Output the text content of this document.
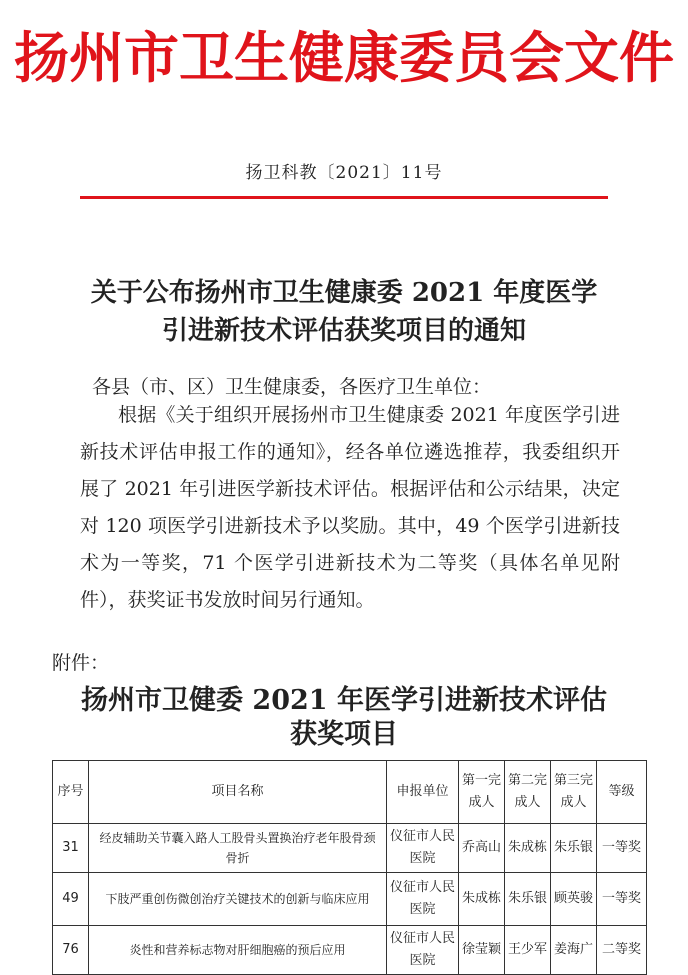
扬州市卫生健康委员会文件
扬卫科教〔2021〕11号
关于公布扬州市卫生健康委 2021 年度医学
引进新技术评估获奖项目的通知
各县（市、区）卫生健康委，各医疗卫生单位：
根据《关于组织开展扬州市卫生健康委 2021 年度医学引进新技术评估申报工作的通知》，经各单位遴选推荐，我委组织开展了 2021 年引进医学新技术评估。根据评估和公示结果，决定对 120 项医学引进新技术予以奖励。其中，49 个医学引进新技术为一等奖，71 个医学引进新技术为二等奖（具体名单见附件），获奖证书发放时间另行通知。
附件：
扬州市卫健委 2021 年医学引进新技术评估
获奖项目
序号	项目名称	申报单位	第一完成人	第二完成人	第三完成人	等级
31	经皮辅助关节囊入路人工股骨头置换治疗老年股骨颈骨折	仪征市人民医院	乔高山	朱成栋	朱乐银	一等奖
49	下肢严重创伤微创治疗关键技术的创新与临床应用	仪征市人民医院	朱成栋	朱乐银	顾英骏	一等奖
76	炎性和营养标志物对肝细胞癌的预后应用	仪征市人民医院	徐莹颖	王少军	姜海广	二等奖
